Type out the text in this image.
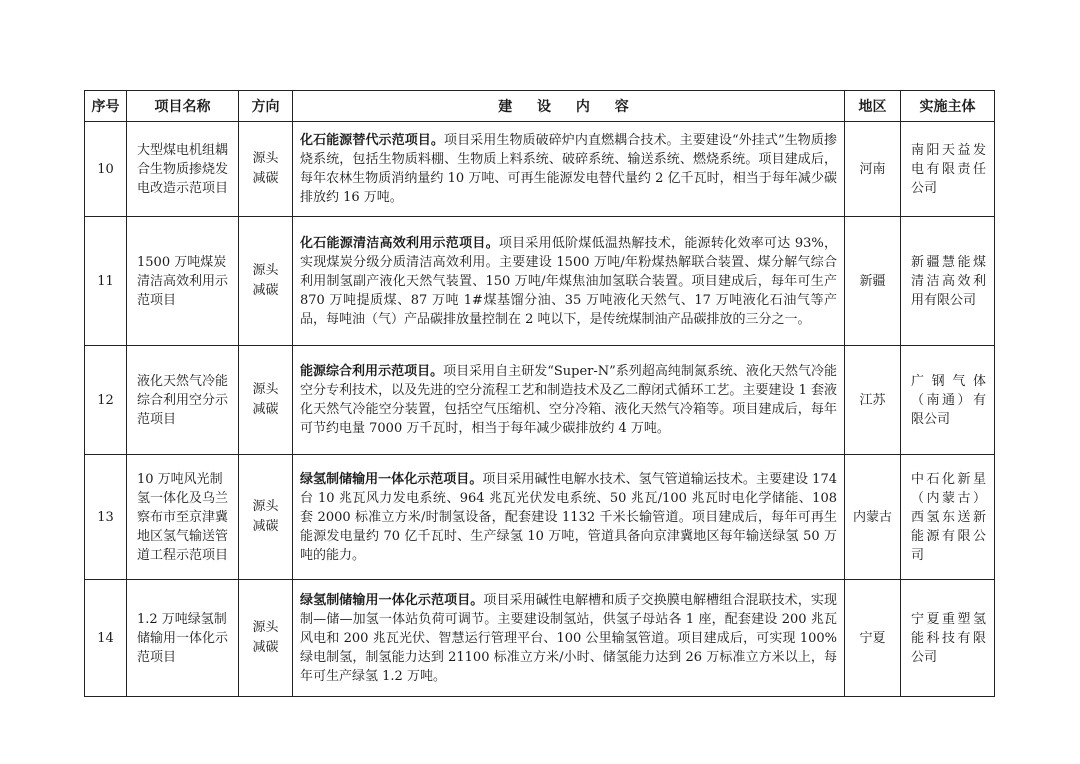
序号	项目名称	方向	建 设 内 容	地区	实施主体
10	大型煤电机组耦合生物质掺烧发电改造示范项目	源头减碳	化石能源替代示范项目。项目采用生物质破碎炉内直燃耦合技术。主要建设“外挂式”生物质掺烧系统，包括生物质料棚、生物质上料系统、破碎系统、输送系统、燃烧系统。项目建成后，每年农林生物质消纳量约 10 万吨、可再生能源发电替代量约 2 亿千瓦时，相当于每年减少碳排放约 16 万吨。	河南	南阳天益发电有限责任公司
11	1500 万吨煤炭清洁高效利用示范项目	源头减碳	化石能源清洁高效利用示范项目。项目采用低阶煤低温热解技术，能源转化效率可达 93%，实现煤炭分级分质清洁高效利用。主要建设 1500 万吨/年粉煤热解联合装置、煤分解气综合利用制氢副产液化天然气装置、150 万吨/年煤焦油加氢联合装置。项目建成后，每年可生产 870 万吨提质煤、87 万吨 1#煤基馏分油、35 万吨液化天然气、17 万吨液化石油气等产品，每吨油（气）产品碳排放量控制在 2 吨以下，是传统煤制油产品碳排放的三分之一。	新疆	新疆慧能煤清洁高效利用有限公司
12	液化天然气冷能综合利用空分示范项目	源头减碳	能源综合利用示范项目。项目采用自主研发“Super-N”系列超高纯制氮系统、液化天然气冷能空分专利技术，以及先进的空分流程工艺和制造技术及乙二醇闭式循环工艺。主要建设 1 套液化天然气冷能空分装置，包括空气压缩机、空分冷箱、液化天然气冷箱等。项目建成后，每年可节约电量 7000 万千瓦时，相当于每年减少碳排放约 4 万吨。	江苏	广钢气体（南通）有限公司
13	10 万吨风光制氢一体化及乌兰察布市至京津冀地区氢气输送管道工程示范项目	源头减碳	绿氢制储输用一体化示范项目。项目采用碱性电解水技术、氢气管道输运技术。主要建设 174 台 10 兆瓦风力发电系统、964 兆瓦光伏发电系统、50 兆瓦/100 兆瓦时电化学储能、108 套 2000 标准立方米/时制氢设备，配套建设 1132 千米长输管道。项目建成后，每年可再生能源发电量约 70 亿千瓦时、生产绿氢 10 万吨，管道具备向京津冀地区每年输送绿氢 50 万吨的能力。	内蒙古	中石化新星（内蒙古）西氢东送新能源有限公司
14	1.2 万吨绿氢制储输用一体化示范项目	源头减碳	绿氢制储输用一体化示范项目。项目采用碱性电解槽和质子交换膜电解槽组合混联技术，实现制—储—加氢一体站负荷可调节。主要建设制氢站，供氢子母站各 1 座，配套建设 200 兆瓦风电和 200 兆瓦光伏、智慧运行管理平台、100 公里输氢管道。项目建成后，可实现 100%绿电制氢，制氢能力达到 21100 标准立方米/小时、储氢能力达到 26 万标准立方米以上，每年可生产绿氢 1.2 万吨。	宁夏	宁夏重塑氢能科技有限公司
